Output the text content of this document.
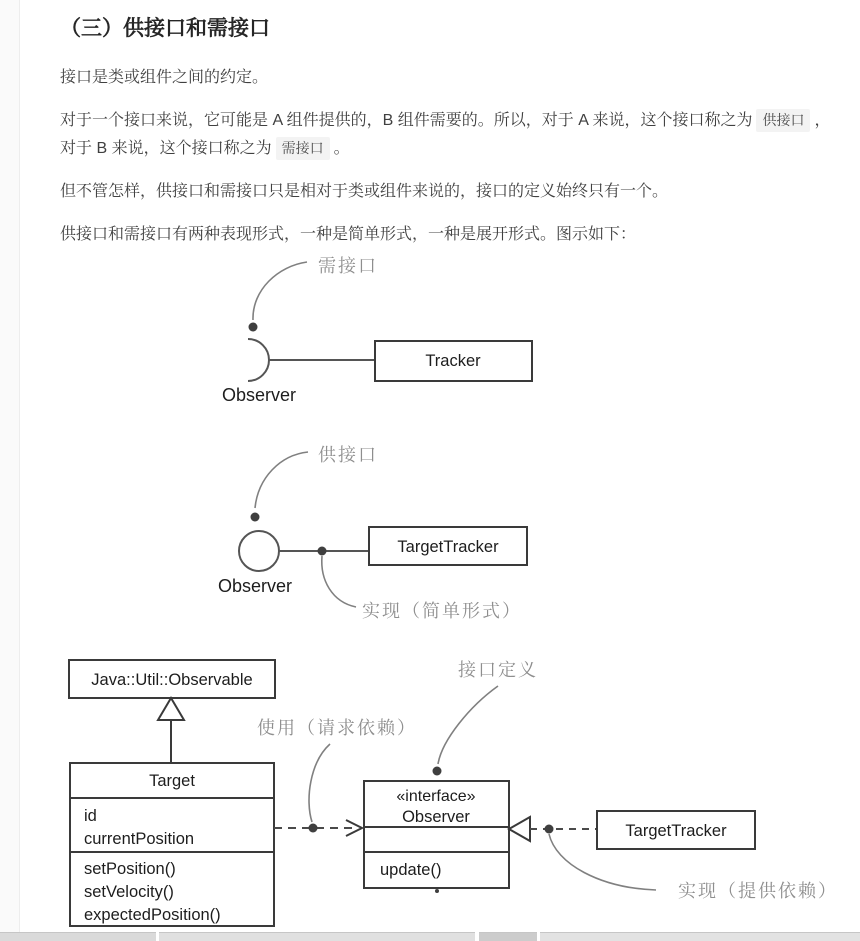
（三）供接口和需接口

接口是类或组件之间的约定。

对于一个接口来说，它可能是 A 组件提供的，B 组件需要的。所以，对于 A 来说，这个接口称之为 供接口 ，对于 B 来说，这个接口称之为 需接口 。

但不管怎样，供接口和需接口只是相对于类或组件来说的，接口的定义始终只有一个。

供接口和需接口有两种表现形式，一种是简单形式，一种是展开形式。图示如下：

需接口
Tracker
Observer
供接口
实现（简单形式）
TargetTracker
Observer
Java::Util::Observable
Target
id
currentPosition
setPosition()
setVelocity()
expectedPosition()
使用（请求依赖）
«interface»
Observer
update()
接口定义
TargetTracker
实现（提供依赖）
